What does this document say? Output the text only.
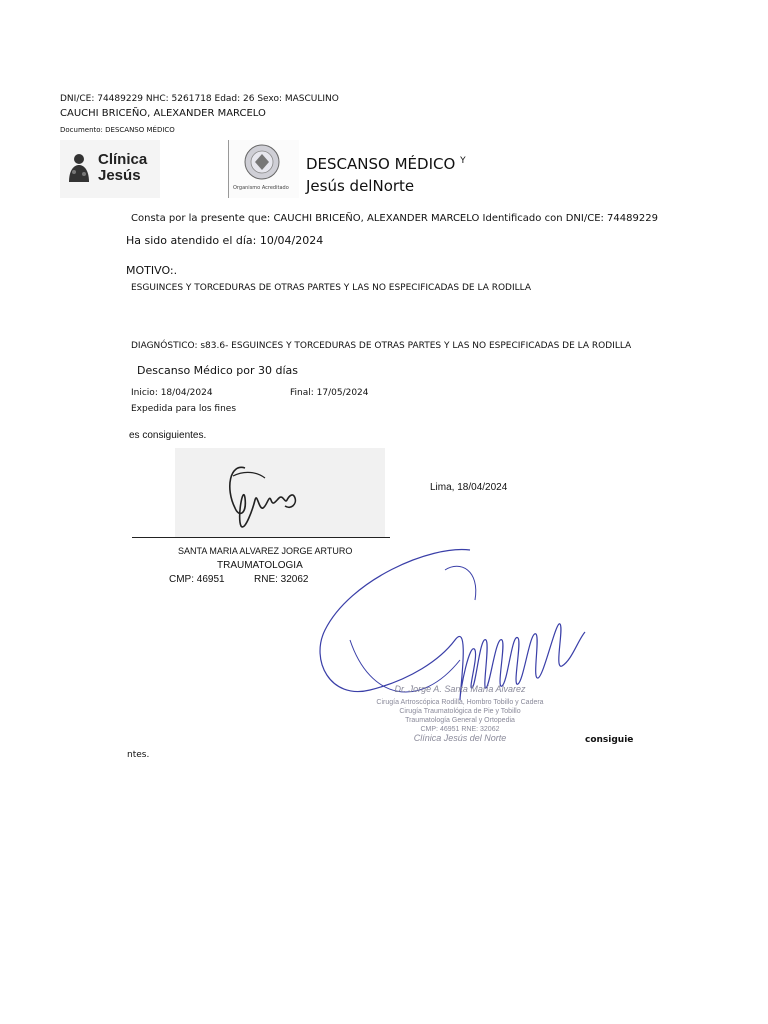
DNI/CE: 74489229 NHC: 5261718 Edad: 26 Sexo: MASCULINO
CAUCHI BRICEÑO, ALEXANDER MARCELO
Documento: DESCANSO MÉDICO
Clínica
Jesús
Organismo Acreditado
DESCANSO MÉDICO $^Y$
Jesús delNorte
Consta por la presente que: CAUCHI BRICEÑO, ALEXANDER MARCELO Identificado con DNI/CE: 74489229
Ha sido atendido el día: 10/04/2024
MOTIVO:.
ESGUINCES Y TORCEDURAS DE OTRAS PARTES Y LAS NO ESPECIFICADAS DE LA RODILLA
DIAGNÓSTICO: s83.6- ESGUINCES Y TORCEDURAS DE OTRAS PARTES Y LAS NO ESPECIFICADAS DE LA RODILLA
Descanso Médico por 30 días
Inicio: 18/04/2024	Final: 17/05/2024
Expedida para los fines
es consiguientes.
Lima, 18/04/2024
SANTA MARIA ALVAREZ JORGE ARTURO
TRAUMATOLOGIA
CMP: 46951	RNE: 32062
Dr. Jorge A. Santa María Alvarez
Cirugía Artroscópica Rodilla, Hombro Tobillo y Cadera
Cirugía Traumatológica de Pie y Tobillo
Traumatología General y Ortopedia
CMP: 46951 RNE: 32062
Clínica Jesús del Norte	consiguie
ntes.
